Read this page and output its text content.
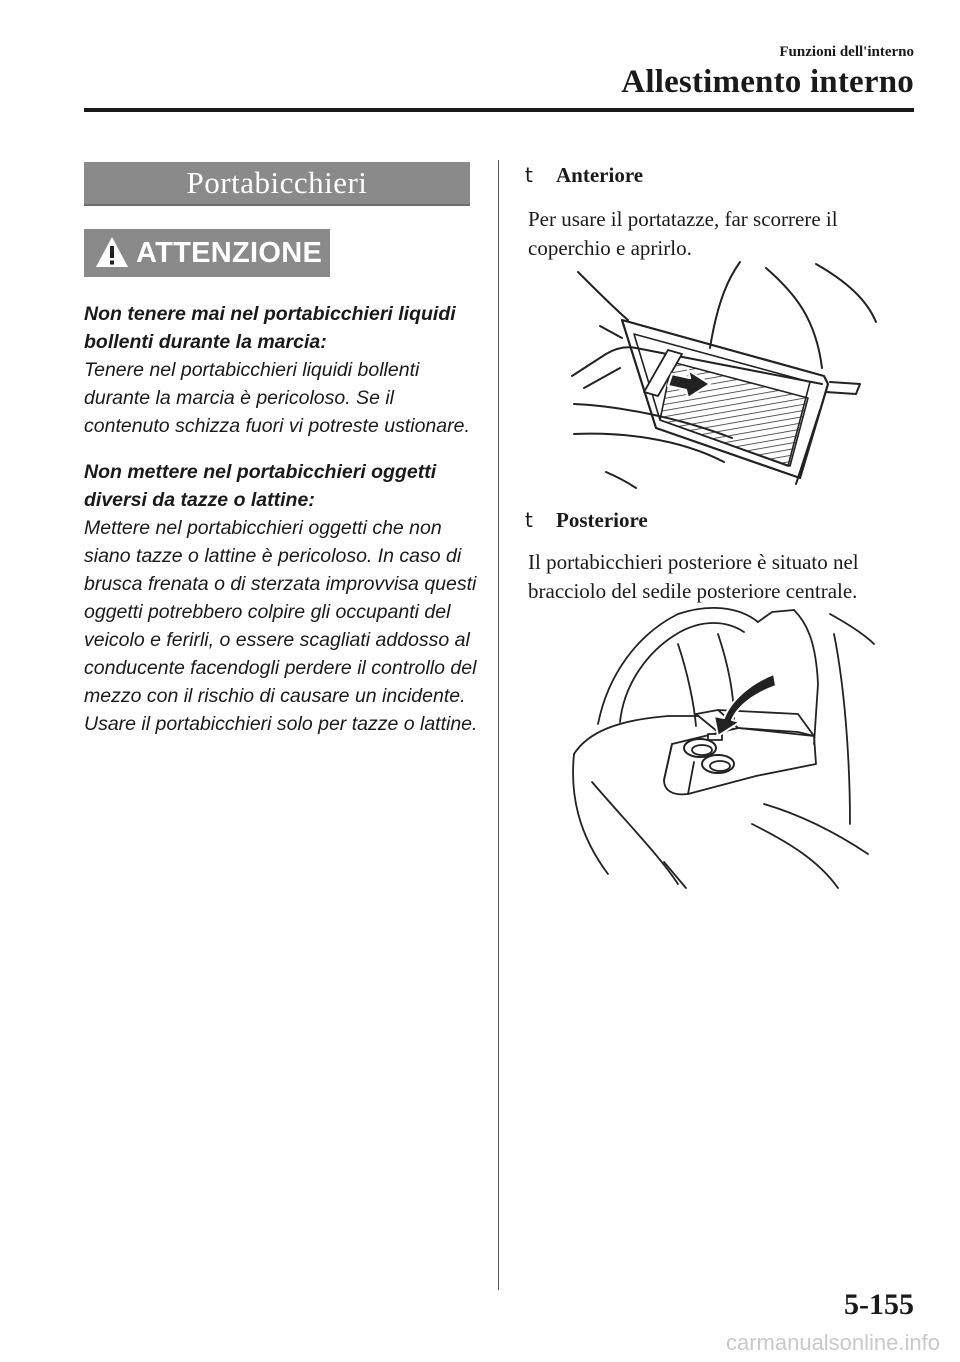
Funzioni dell'interno
Allestimento interno
Portabicchieri
ATTENZIONE

Non tenere mai nel portabicchieri liquidi bollenti durante la marcia:
Tenere nel portabicchieri liquidi bollenti durante la marcia è pericoloso. Se il contenuto schizza fuori vi potreste ustionare.

Non mettere nel portabicchieri oggetti diversi da tazze o lattine:
Mettere nel portabicchieri oggetti che non siano tazze o lattine è pericoloso. In caso di brusca frenata o di sterzata improvvisa questi oggetti potrebbero colpire gli occupanti del veicolo e ferirli, o essere scagliati addosso al conducente facendogli perdere il controllo del mezzo con il rischio di causare un incidente. Usare il portabicchieri solo per tazze o lattine.

t Anteriore
Per usare il portatazze, far scorrere il coperchio e aprirlo.
t Posteriore
Il portabicchieri posteriore è situato nel bracciolo del sedile posteriore centrale.
5-155
carmanualsonline.info
